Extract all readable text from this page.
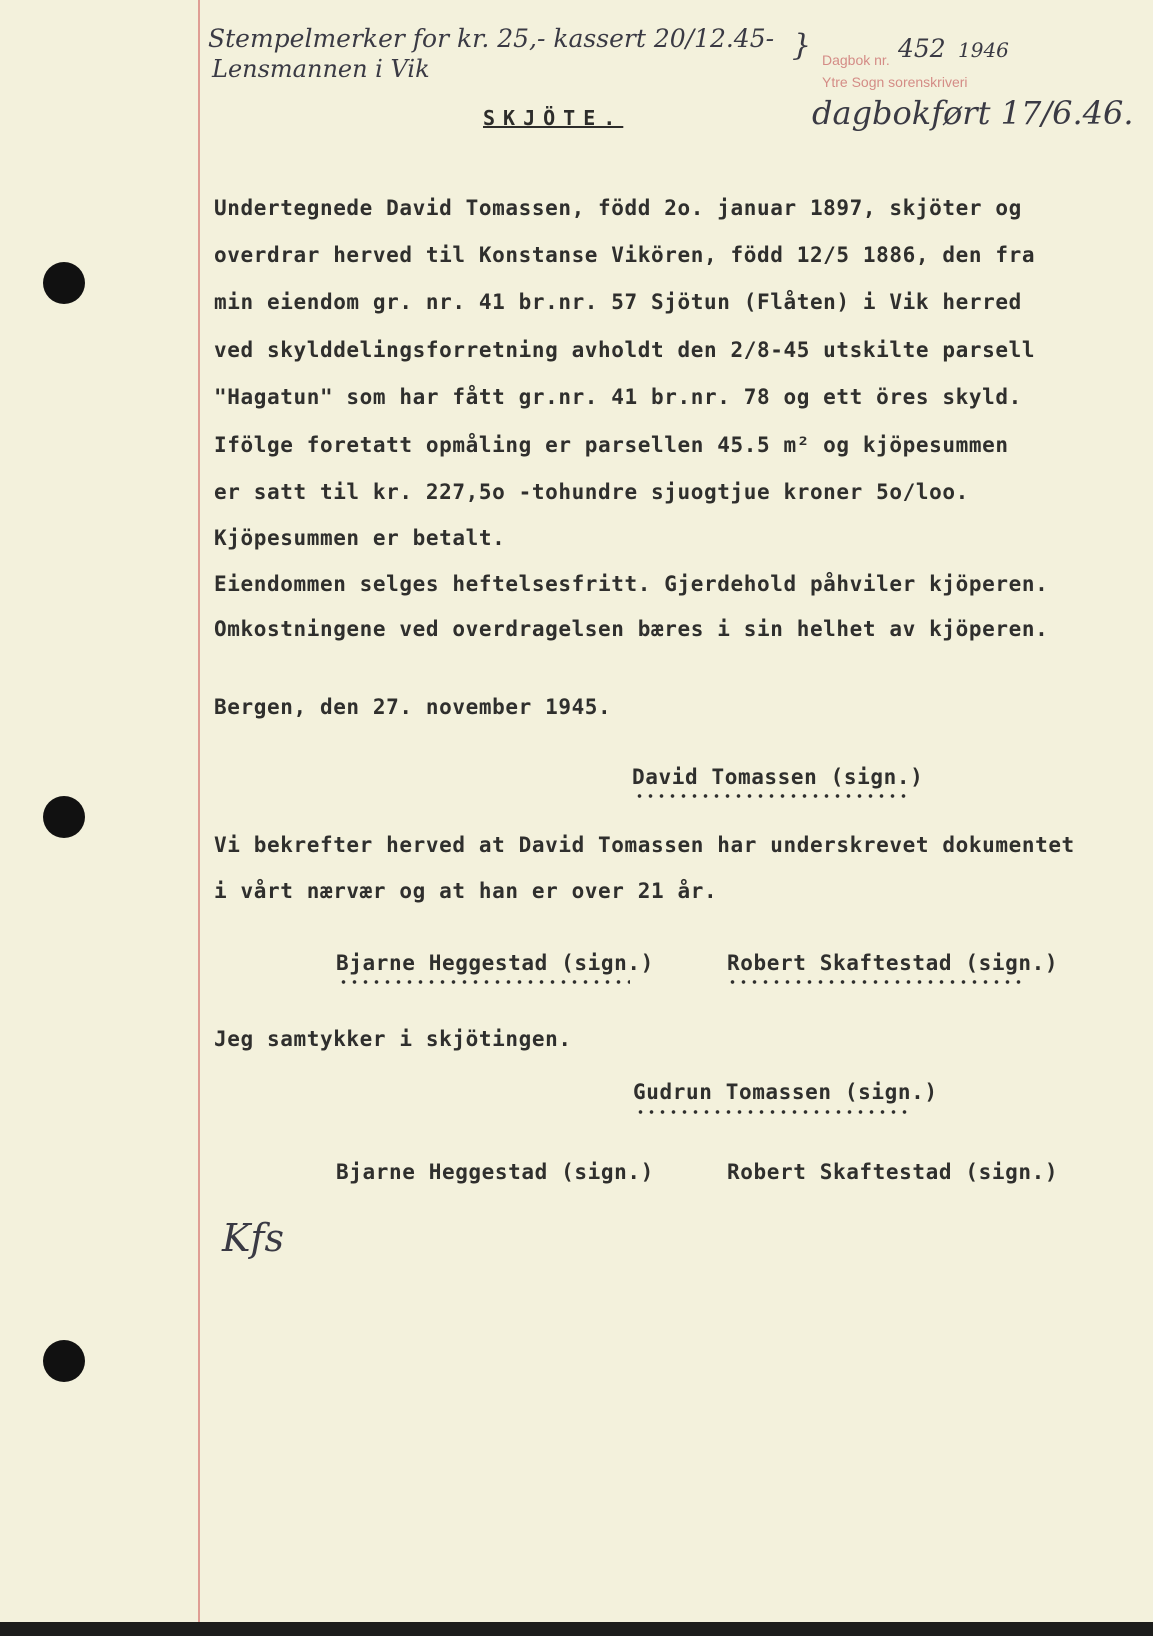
Stempelmerker for kr. 25,- kassert 20/12.45-
Lensmannen i Vik
} Dagbok nr. 452 1946
Ytre Sogn sorenskriveri
dagbokført 17/6.46.
SKJÖTE.
Undertegnede David Tomassen, född 2o. januar 1897, skjöter og
overdrar herved til Konstanse Vikören, född 12/5 1886, den fra
min eiendom gr. nr. 41 br.nr. 57 Sjötun (Flåten) i Vik herred
ved skylddelingsforretning avholdt den 2/8-45 utskilte parsell
"Hagatun" som har fått gr.nr. 41 br.nr. 78 og ett öres skyld.
Ifölge foretatt opmåling er parsellen 45.5 m² og kjöpesummen
er satt til kr. 227,5o -tohundre sjuogtjue kroner 5o/loo.
Kjöpesummen er betalt.
Eiendommen selges heftelsesfritt. Gjerdehold påhviler kjöperen.
Omkostningene ved overdragelsen bæres i sin helhet av kjöperen.
Bergen, den 27. november 1945.
David Tomassen (sign.)
Vi bekrefter herved at David Tomassen har underskrevet dokumentet
i vårt nærvær og at han er over 21 år.
Bjarne Heggestad (sign.)	Robert Skaftestad (sign.)
Jeg samtykker i skjötingen.
Gudrun Tomassen (sign.)
Bjarne Heggestad (sign.)	Robert Skaftestad (sign.)
Kfs
